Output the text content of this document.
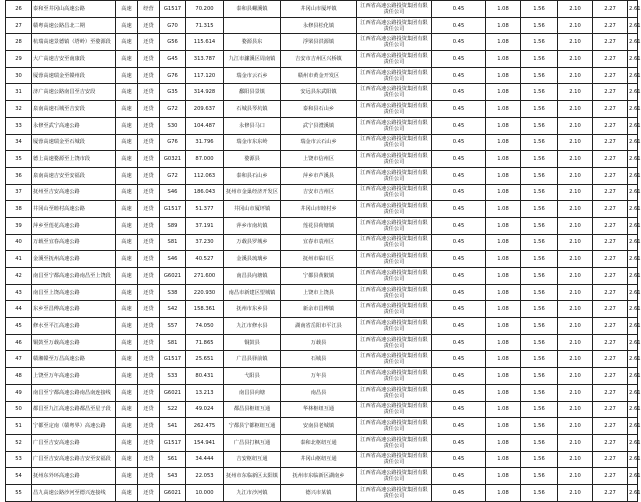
26	泰和至井冈山高速公路	高速	经营	G1517	70.200	泰和县螺溪镇	井冈山市厦坪镇	江西省高速公路投资集团有限责任公司	0.45	1.08	1.56	2.10	2.27	2.61
27	赣粤高速公路昌北二期	高速	还贷	G70	71.315		永修县松化镇	江西省高速公路投资集团有限责任公司	0.45	1.08	1.56	2.10	2.27	2.61
28	杭瑞高速景德镇（塔岭）至婺源段	高速	还贷	G56	115.614	婺源县东	浮梁县洪源镇	江西省高速公路投资集团有限责任公司	0.45	1.08	1.56	2.10	2.27	2.61
29	大广高速吉安至南康段	高速	还贷	G45	313.787	九江市濂溪区周南镇	吉安市吉州区兴桥镇	江西省高速公路投资集团有限责任公司	0.45	1.08	1.56	2.10	2.27	2.61
30	厦蓉高速瑞金至赣州段	高速	还贷	G76	117.120	瑞金市云石乡	赣州市黄金开发区	江西省高速公路投资集团有限责任公司	0.45	1.08	1.56	2.10	2.27	2.61
31	济广高速公路南昌至吉安段	高速	还贷	G35	314.928	鄱阳县景镇	安远县东武阳镇	江西省高速公路投资集团有限责任公司	0.45	1.08	1.56	2.10	2.27	2.61
32	泉南高速石城至吉安段	高速	还贷	G72	209.637	石城县琴坑镇	泰和县石山乡	江西省高速公路投资集团有限责任公司	0.45	1.08	1.56	2.10	2.27	2.61
33	永修至武宁高速公路	高速	还贷	S30	104.487	永修县马口	武宁县澧溪镇	江西省高速公路投资集团有限责任公司	0.45	1.08	1.56	2.10	2.27	2.61
34	厦蓉高速瑞金至石城段	高速	还贷	G76	31.796	瑞金市东东岭	瑞金市云石山乡	江西省高速公路投资集团有限责任公司	0.45	1.08	1.56	2.10	2.27	2.61
35	德上高速婺源至上饶市段	高速	还贷	G0321	87.000	婺源县	上饶市信州区	江西省高速公路投资集团有限责任公司	0.45	1.08	1.56	2.10	2.27	2.61
36	泉南高速吉安至安福段	高速	还贷	G72	112.063	泰和县石山乡	萍乡市芦溪县	江西省高速公路投资集团有限责任公司	0.45	1.08	1.56	2.10	2.27	2.61
37	抚州至吉安高速公路	高速	还贷	S46	186.043	抚州市金巢经济开发区	吉安市吉州区	江西省高速公路投资集团有限责任公司	0.45	1.08	1.56	2.10	2.27	2.61
38	井冈山至睦村高速公路	高速	还贷	G1517	51.377	井冈山市厦坪镇	井冈山市睦村乡	江西省高速公路投资集团有限责任公司	0.45	1.08	1.56	2.10	2.27	2.61
39	萍乡至莲花高速公路	高速	还贷	S89	37.191	萍乡市南坑镇	莲花县荷塘镇	江西省高速公路投资集团有限责任公司	0.45	1.08	1.56	2.10	2.27	2.61
40	万载至宜春高速公路	高速	还贷	S81	37.230	万载县罗城乡	宜春市袁州区	江西省高速公路投资集团有限责任公司	0.45	1.08	1.56	2.10	2.27	2.61
41	金溪至抚州高速公路	高速	还贷	S46	40.527	金溪县琉璃乡	抚州市临川区	江西省高速公路投资集团有限责任公司	0.45	1.08	1.56	2.10	2.27	2.61
42	南昌至宁都高速公路南昌至上饶段	高速	还贷	G6021	271.600	南昌县向塘镇	宁都县黄陂镇	江西省高速公路投资集团有限责任公司	0.45	1.08	1.56	2.10	2.27	2.61
43	南昌至上饶高速公路	高速	还贷	S38	220.930	南昌市新建区望城镇	上饶市上饶县	江西省高速公路投资集团有限责任公司	0.45	1.08	1.56	2.10	2.27	2.61
44	东乡至昌傅高速公路	高速	还贷	S42	158.361	抚州市东乡县	新余市昌傅镇	江西省高速公路投资集团有限责任公司	0.45	1.08	1.56	2.10	2.27	2.61
45	修水至平江高速公路	高速	还贷	S57	74.050	九江市修水县	湖南省岳阳市平江县	江西省高速公路投资集团有限责任公司	0.45	1.08	1.56	2.10	2.27	2.61
46	铜鼓至万载高速公路	高速	还贷	S81	71.865	铜鼓县	万载县	江西省高速公路投资集团有限责任公司	0.45	1.08	1.56	2.10	2.27	2.61
47	赣湘赣至万昌高速公路	高速	还贷	G1517	25.651	广昌县驿前镇	石城县	江西省高速公路投资集团有限责任公司	0.45	1.08	1.56	2.10	2.27	2.61
48	上饶至万年高速公路	高速	还贷	S33	80.431	弋阳县	万年县	江西省高速公路投资集团有限责任公司	0.45	1.08	1.56	2.10	2.27	2.61
49	南昌至宁都高速公路南昌南连接线	高速	还贷	G6021	13.213	南昌县向塘	南昌县	江西省高速公路投资集团有限责任公司	0.45	1.08	1.56	2.10	2.27	2.61
50	都昌至九江高速公路都昌至星子段	高速	还贷	S22	49.024	都昌县枢纽互通	华林枢纽互通	江西省高速公路投资集团有限责任公司	0.45	1.08	1.56	2.10	2.27	2.61
51	宁都至定南（赣粤界）高速公路	高速	还贷	S41	262.475	宁都县宁都枢纽互通	安南县老城镇	江西省高速公路投资集团有限责任公司	0.45	1.08	1.56	2.10	2.27	2.61
52	广昌至吉安高速公路	高速	还贷	G1517	154.941	广昌县打枫互通	泰和北枢纽互通	江西省高速公路投资集团有限责任公司	0.45	1.08	1.56	2.10	2.27	2.61
53	广昌至吉安高速公路吉安至安福段	高速	还贷	S61	34.444	吉安枢纽互通	井冈山枢纽互通	江西省高速公路投资集团有限责任公司	0.45	1.08	1.56	2.10	2.27	2.61
54	抚州东外环高速公路	高速	还贷	S43	22.053	抚州市东临新区太阳镇	抚州市东临新区湖南乡	江西省高速公路投资集团有限责任公司	0.45	1.08	1.56	2.10	2.27	2.61
55	昌九高速公路沙河至德兴连接线	高速	还贷	G6021	10.000	九江市沙河镇	德兴市某镇	江西省高速公路投资集团有限责任公司	0.45	1.08	1.56	2.10	2.27	2.61
